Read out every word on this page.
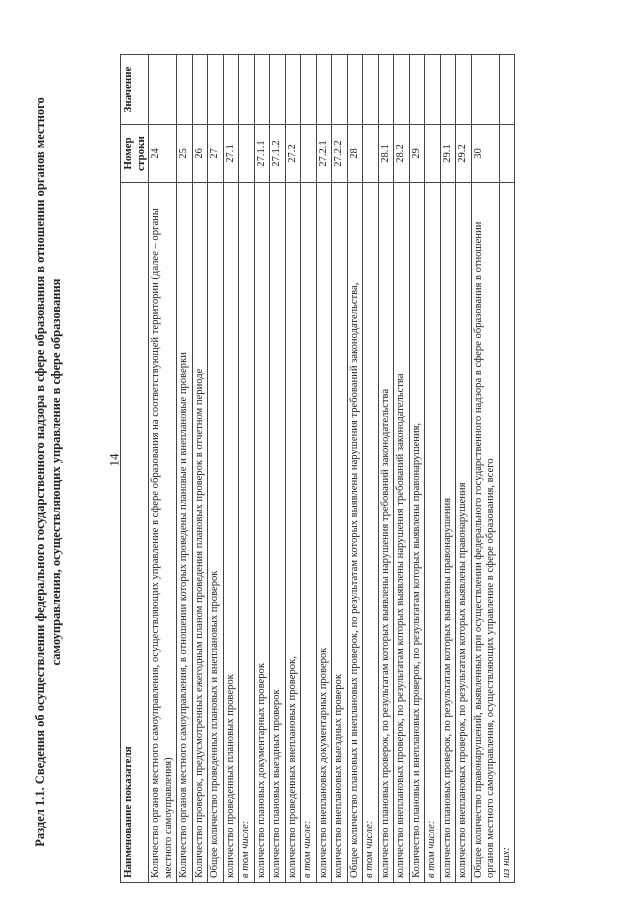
14
Раздел 1.1. Сведения об осуществлении федерального государственного надзора в сфере образования в отношении органов местного самоуправления, осуществляющих управление в сфере образования
Наименование показателя	Номер строки	Значение
Количество органов местного самоуправления, осуществляющих управление в сфере образования на соответствующей территории (далее – органы местного самоуправления)	24	
Количество органов местного самоуправления, в отношении которых проведены плановые и внеплановые проверки	25	
Количество проверок, предусмотренных ежегодным планом проведения плановых проверок в отчетном периоде	26	
Общее количество проведенных плановых и внеплановых проверок	27	
количество проведенных плановых проверок	27.1	
в том числе:		
количество плановых документарных проверок	27.1.1	
количество плановых выездных проверок	27.1.2	
количество проведенных внеплановых проверок,	27.2	
в том числе:		
количество внеплановых документарных проверок	27.2.1	
количество внеплановых выездных проверок	27.2.2	
Общее количество плановых и внеплановых проверок, по результатам которых выявлены нарушения требований законодательства,	28	
в том числе:		
количество плановых проверок, по результатам которых выявлены нарушения требований законодательства	28.1	
количество внеплановых проверок, по результатам которых выявлены нарушения требований законодательства	28.2	
Количество плановых и внеплановых проверок, по результатам которых выявлены правонарушения,	29	
в том числе:		
количество плановых проверок, по результатам которых выявлены правонарушения	29.1	
количество внеплановых проверок, по результатам которых выявлены правонарушения	29.2	
Общее количество правонарушений, выявленных при осуществлении федерального государственного надзора в сфере образования в отношении органов местного самоуправления, осуществляющих управление в сфере образования, всего	30	
из них:		
